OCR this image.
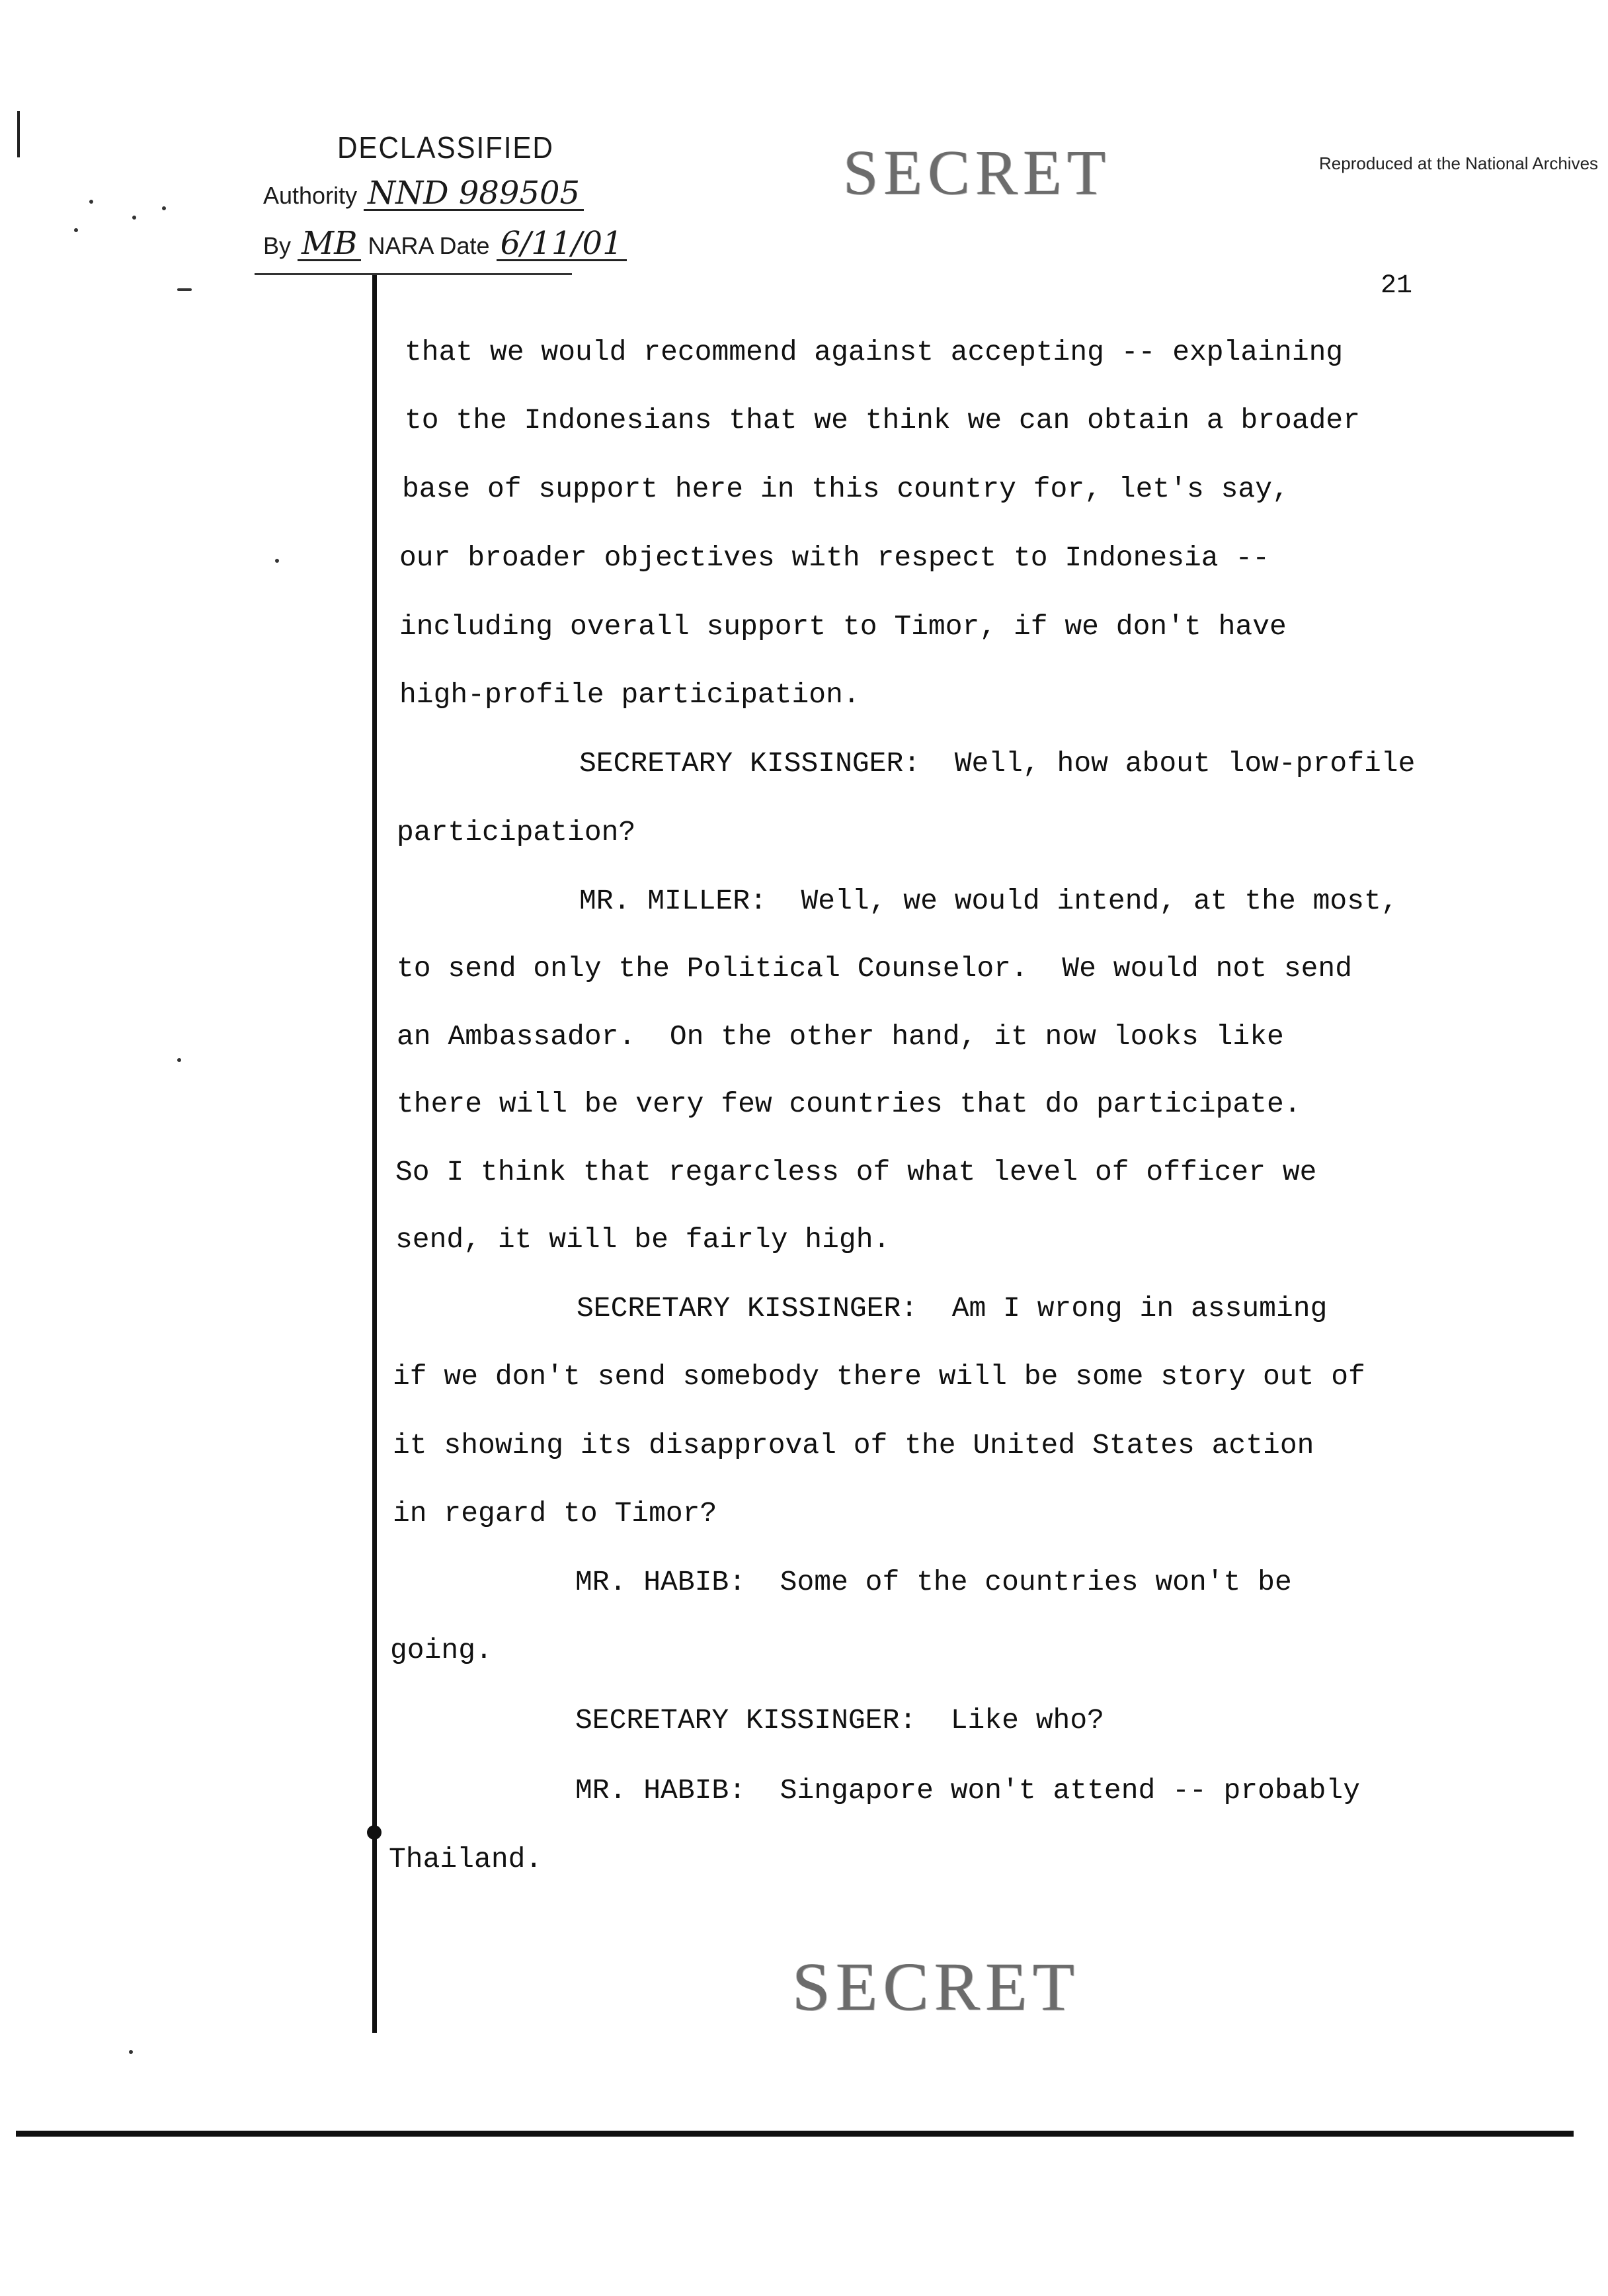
DECLASSIFIED
Authority NND 989505
By MB NARA Date 6/11/01
SECRET
SECRET
Reproduced at the National Archives
21
that we would recommend against accepting -- explaining
to the Indonesians that we think we can obtain a broader
base of support here in this country for, let's say,
our broader objectives with respect to Indonesia --
including overall support to Timor, if we don't have
high-profile participation.
SECRETARY KISSINGER:  Well, how about low-profile
participation?
MR. MILLER:  Well, we would intend, at the most,
to send only the Political Counselor.  We would not send
an Ambassador.  On the other hand, it now looks like
there will be very few countries that do participate.
So I think that regarcless of what level of officer we
send, it will be fairly high.
SECRETARY KISSINGER:  Am I wrong in assuming
if we don't send somebody there will be some story out of
it showing its disapproval of the United States action
in regard to Timor?
MR. HABIB:  Some of the countries won't be
going.
SECRETARY KISSINGER:  Like who?
MR. HABIB:  Singapore won't attend -- probably
Thailand.
